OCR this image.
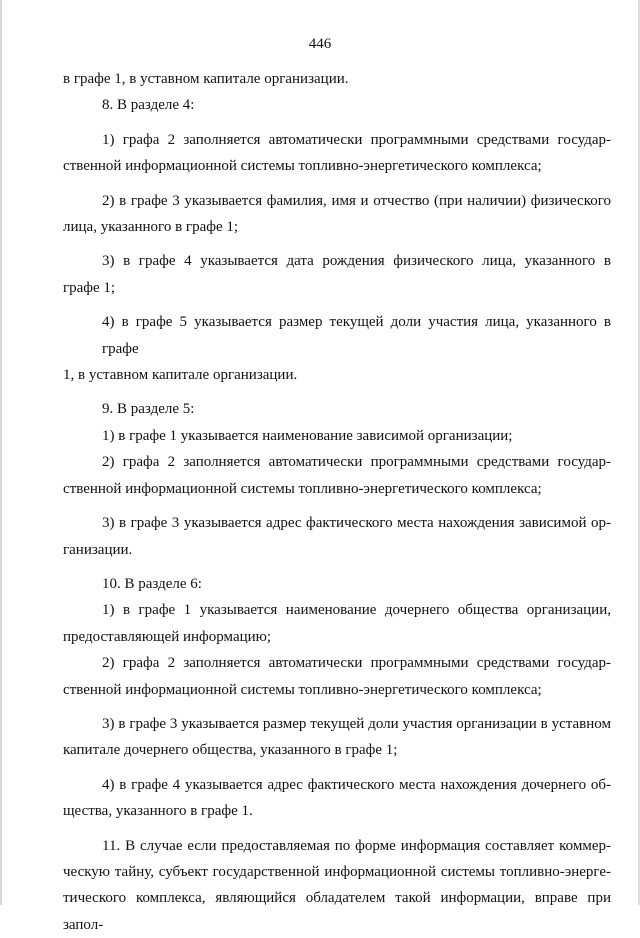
446
в графе 1, в уставном капитале организации.
8. В разделе 4:
1) графа 2 заполняется автоматически программными средствами государ-
ственной информационной системы топливно-энергетического комплекса;
2) в графе 3 указывается фамилия, имя и отчество (при наличии) физического
лица, указанного в графе 1;
3) в графе 4 указывается дата рождения физического лица, указанного в
графе 1;
4) в графе 5 указывается размер текущей доли участия лица, указанного в графе
1, в уставном капитале организации.
9. В разделе 5:
1) в графе 1 указывается наименование зависимой организации;
2) графа 2 заполняется автоматически программными средствами государ-
ственной информационной системы топливно-энергетического комплекса;
3) в графе 3 указывается адрес фактического места нахождения зависимой ор-
ганизации.
10. В разделе 6:
1) в графе 1 указывается наименование дочернего общества организации,
предоставляющей информацию;
2) графа 2 заполняется автоматически программными средствами государ-
ственной информационной системы топливно-энергетического комплекса;
3) в графе 3 указывается размер текущей доли участия организации в уставном
капитале дочернего общества, указанного в графе 1;
4) в графе 4 указывается адрес фактического места нахождения дочернего об-
щества, указанного в графе 1.
11. В случае если предоставляемая по форме информация составляет коммер-
ческую тайну, субъект государственной информационной системы топливно-энерге-
тического комплекса, являющийся обладателем такой информации, вправе при запол-
